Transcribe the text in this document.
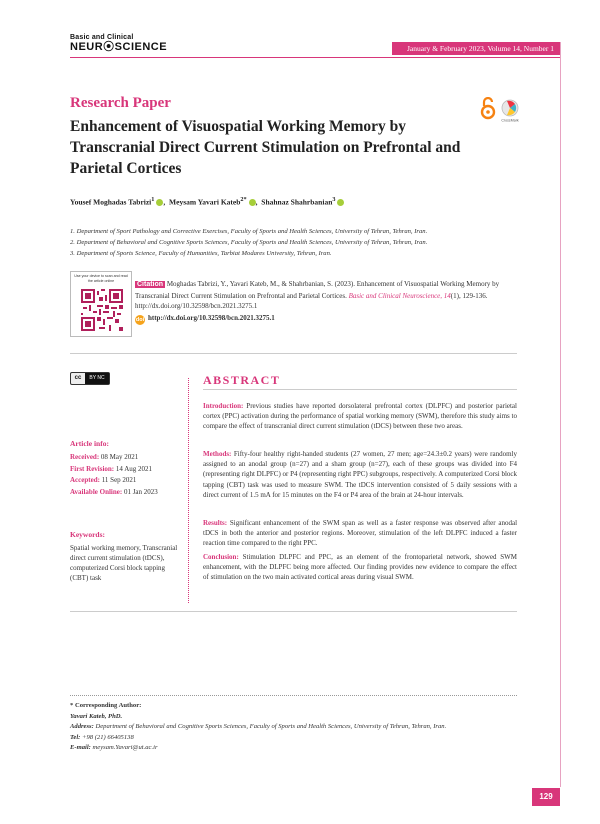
Basic and Clinical
NEUR⦿SCIENCE	January & February 2023, Volume 14, Number 1
Research Paper
CrossMark
Enhancement of Visuospatial Working Memory by Transcranial Direct Current Stimulation on Prefrontal and Parietal Cortices
Yousef Moghadas Tabrizi$^1$ ,  Meysam Yavari Kateb$^{2*}$ ,  Shahnaz Shahrbanian$^3$
1. Department of Sport Pathology and Corrective Exercises, Faculty of Sports and Health Sciences, University of Tehran, Tehran, Iran.
2. Department of Behavioral and Cognitive Sports Sciences, Faculty of Sports and Health Sciences, University of Tehran, Tehran, Iran.
3. Department of Sports Science, Faculty of Humanities, Tarbiat Modares University, Tehran, Iran.
Use your device to scan and read the article online
Citation Moghadas Tabrizi, Y., Yavari Kateb, M., & Shahrbanian, S. (2023). Enhancement of Visuospatial Working Memory by Transcranial Direct Current Stimulation on Prefrontal and Parietal Cortices. Basic and Clinical Neuroscience, 14(1), 129-136. http://dx.doi.org/10.32598/bcn.2021.3275.1
doi http://dx.doi.org/10.32598/bcn.2021.3275.1
cc	BY NC
Article info:
Received: 08 May 2021
First Revision: 14 Aug 2021
Accepted: 11 Sep 2021
Available Online: 01 Jan 2023
Keywords:
Spatial working memory, Transcranial direct current stimulation (tDCS), computerized Corsi block tapping (CBT) task
ABSTRACT

Introduction: Previous studies have reported dorsolateral prefrontal cortex (DLPFC) and posterior parietal cortex (PPC) activation during the performance of spatial working memory (SWM), therefore this study aims to compare the effect of transcranial direct current stimulation (tDCS) between these two areas.

Methods: Fifty-four healthy right-handed students (27 women, 27 men; age=24.3±0.2 years) were randomly assigned to an anodal group (n=27) and a sham group (n=27), each of these groups was divided into F4 (representing right DLPFC) or P4 (representing right PPC) subgroups, respectively. A computerized Corsi block tapping (CBT) task was used to measure SWM. The tDCS intervention consisted of 5 daily sessions with a direct current of 1.5 mA for 15 minutes on the F4 or P4 area of the brain at 24-hour intervals.

Results: Significant enhancement of the SWM span as well as a faster response was observed after anodal tDCS in both the anterior and posterior regions. Moreover, stimulation of the left DLPFC induced a faster reaction time compared to the right PPC.

Conclusion: Stimulation DLPFC and PPC, as an element of the frontoparietal network, showed SWM enhancement, with the DLPFC being more affected. Our finding provides new evidence to compare the effect of stimulation on the two main activated cortical areas during visual SWM.

* Corresponding Author:
Yavari Kateb, PhD.
Address: Department of Behavioral and Cognitive Sports Sciences, Faculty of Sports and Health Sciences, University of Tehran, Tehran, Iran.
Tel: +98 (21) 66405138
E-mail: meysam.Yavari@ut.ac.ir
129
